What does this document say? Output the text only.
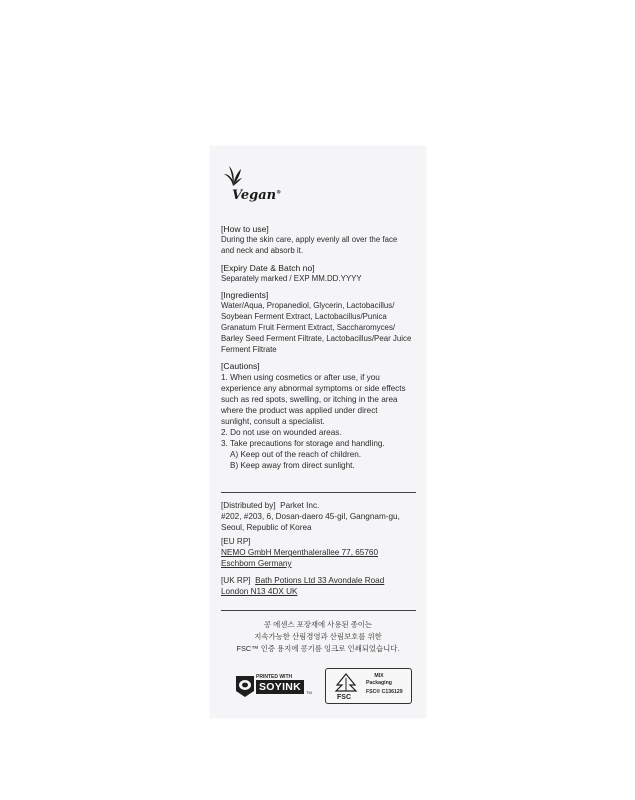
Vegan®
[How to use]
During the skin care, apply evenly all over the face
and neck and absorb it.
[Expiry Date & Batch no]
Separately marked / EXP MM.DD.YYYY
[Ingredients]
Water/Aqua, Propanediol, Glycerin, Lactobacillus/
Soybean Ferment Extract, Lactobacillus/Punica
Granatum Fruit Ferment Extract, Saccharomyces/
Barley Seed Ferment Filtrate, Lactobacillus/Pear Juice
Ferment Filtrate
[Cautions]
1. When using cosmetics or after use, if you
experience any abnormal symptoms or side effects
such as red spots, swelling, or itching in the area
where the product was applied under direct
sunlight, consult a specialist.
2. Do not use on wounded areas.
3. Take precautions for storage and handling.
A) Keep out of the reach of children.
B) Keep away from direct sunlight.
[Distributed by] Parket Inc.
#202, #203, 6, Dosan-daero 45-gil, Gangnam-gu,
Seoul, Republic of Korea
[EU RP]
NEMO GmbH Mergenthalerallee 77, 65760
Eschborn Germany
[UK RP] Bath Potions Ltd 33 Avondale Road
London N13 4DX UK
콩 에센스 포장재에 사용된 종이는
지속가능한 산림경영과 산림보호를 위한
FSC™ 인증 용지에 콩기름 잉크로 인쇄되었습니다.
PRINTED WITH
SOYINK	TM
FSC
MIX
Packaging
FSC® C136129
